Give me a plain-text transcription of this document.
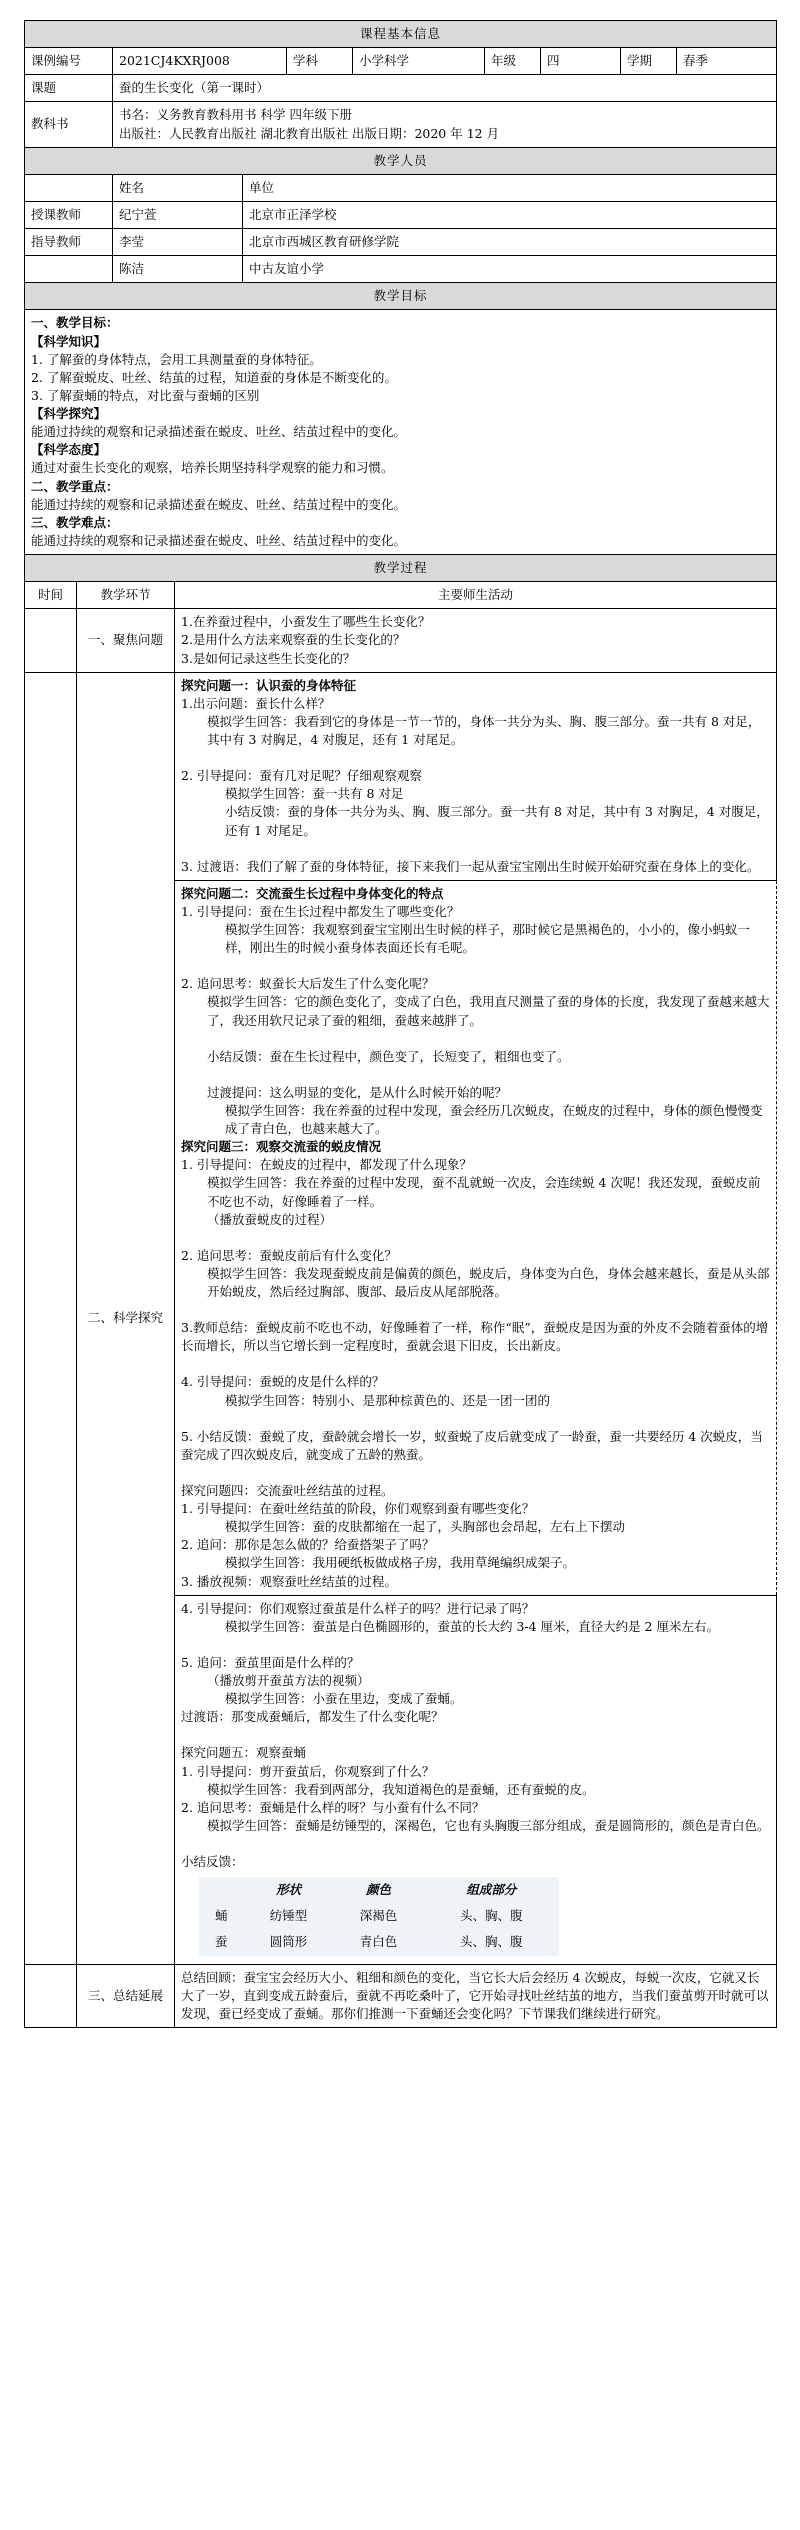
课程基本信息
课例编号	2021CJ4KXRJ008	学科	小学科学	年级	四	学期	春季
课题	蚕的生长变化（第一课时）
教科书	

书名：义务教育教科用书 科学 四年级下册

出版社：人民教育出版社 湖北教育出版社 出版日期：2020 年 12 月

教学人员
	姓名	单位
授课教师	纪宁萱	北京市正泽学校
指导教师	李莹	北京市西城区教育研修学院
	陈洁	中古友谊小学
教学目标

一、教学目标：

【科学知识】

1. 了解蚕的身体特点，会用工具测量蚕的身体特征。

2. 了解蚕蜕皮、吐丝、结茧的过程，知道蚕的身体是不断变化的。

3. 了解蚕蛹的特点，对比蚕与蚕蛹的区别

【科学探究】

能通过持续的观察和记录描述蚕在蜕皮、吐丝、结茧过程中的变化。

【科学态度】

通过对蚕生长变化的观察，培养长期坚持科学观察的能力和习惯。

二、教学重点：

能通过持续的观察和记录描述蚕在蜕皮、吐丝、结茧过程中的变化。

三、教学难点：

能通过持续的观察和记录描述蚕在蜕皮、吐丝、结茧过程中的变化。

教学过程
时间	教学环节	主要师生活动
	一、聚焦问题	

1.在养蚕过程中，小蚕发生了哪些生长变化？

2.是用什么方法来观察蚕的生长变化的？

3.是如何记录这些生长变化的？

	二、科学探究	

探究问题一：认识蚕的身体特征

1.出示问题：蚕长什么样？

模拟学生回答：我看到它的身体是一节一节的，身体一共分为头、胸、腹三部分。蚕一共有 8 对足，其中有 3 对胸足，4 对腹足，还有 1 对尾足。

2. 引导提问：蚕有几对足呢？仔细观察观察

模拟学生回答：蚕一共有 8 对足

小结反馈：蚕的身体一共分为头、胸、腹三部分。蚕一共有 8 对足，其中有 3 对胸足，4 对腹足，还有 1 对尾足。

3. 过渡语：我们了解了蚕的身体特征，接下来我们一起从蚕宝宝刚出生时候开始研究蚕在身体上的变化。

探究问题二：交流蚕生长过程中身体变化的特点

1. 引导提问：蚕在生长过程中都发生了哪些变化？

模拟学生回答：我观察到蚕宝宝刚出生时候的样子，那时候它是黑褐色的，小小的，像小蚂蚁一样，刚出生的时候小蚕身体表面还长有毛呢。

2. 追问思考：蚁蚕长大后发生了什么变化呢？

模拟学生回答：它的颜色变化了，变成了白色，我用直尺测量了蚕的身体的长度，我发现了蚕越来越大了，我还用软尺记录了蚕的粗细，蚕越来越胖了。

小结反馈：蚕在生长过程中，颜色变了，长短变了，粗细也变了。

过渡提问：这么明显的变化，是从什么时候开始的呢？

模拟学生回答：我在养蚕的过程中发现，蚕会经历几次蜕皮，在蜕皮的过程中，身体的颜色慢慢变成了青白色，也越来越大了。

探究问题三：观察交流蚕的蜕皮情况

1. 引导提问：在蜕皮的过程中，都发现了什么现象？

模拟学生回答：我在养蚕的过程中发现，蚕不乱就蜕一次皮，会连续蜕 4 次呢！我还发现，蚕蜕皮前不吃也不动，好像睡着了一样。

（播放蚕蜕皮的过程）

2. 追问思考：蚕蜕皮前后有什么变化？

模拟学生回答：我发现蚕蜕皮前是偏黄的颜色，蜕皮后，身体变为白色，身体会越来越长，蚕是从头部开始蜕皮，然后经过胸部、腹部、最后皮从尾部脱落。

3.教师总结：蚕蜕皮前不吃也不动，好像睡着了一样，称作“眠”，蚕蜕皮是因为蚕的外皮不会随着蚕体的增长而增长，所以当它增长到一定程度时，蚕就会退下旧皮，长出新皮。

4. 引导提问：蚕蜕的皮是什么样的？

模拟学生回答：特别小、是那种棕黄色的、还是一团一团的

5. 小结反馈：蚕蜕了皮，蚕龄就会增长一岁，蚁蚕蜕了皮后就变成了一龄蚕，蚕一共要经历 4 次蜕皮，当蚕完成了四次蜕皮后，就变成了五龄的熟蚕。

探究问题四：交流蚕吐丝结茧的过程。

1. 引导提问：在蚕吐丝结茧的阶段，你们观察到蚕有哪些变化？

模拟学生回答：蚕的皮肤都缩在一起了，头胸部也会昂起，左右上下摆动

2. 追问：那你是怎么做的？给蚕搭架子了吗？

模拟学生回答：我用硬纸板做成格子房，我用草绳编织成架子。

3. 播放视频：观察蚕吐丝结茧的过程。

4. 引导提问：你们观察过蚕茧是什么样子的吗？进行记录了吗？

模拟学生回答：蚕茧是白色椭圆形的，蚕茧的长大约 3-4 厘米，直径大约是 2 厘米左右。

5. 追问：蚕茧里面是什么样的？

（播放剪开蚕茧方法的视频）

模拟学生回答：小蚕在里边，变成了蚕蛹。

过渡语：那变成蚕蛹后，都发生了什么变化呢？

探究问题五：观察蚕蛹

1. 引导提问：剪开蚕茧后，你观察到了什么？

模拟学生回答：我看到两部分，我知道褐色的是蚕蛹，还有蚕蜕的皮。

2. 追问思考：蚕蛹是什么样的呀？与小蚕有什么不同？

模拟学生回答：蚕蛹是纺锤型的，深褐色，它也有头胸腹三部分组成，蚕是圆筒形的，颜色是青白色。

小结反馈：

	形状	颜色	组成部分
蛹	纺锤型	深褐色	头、胸、腹
蚕	圆筒形	青白色	头、胸、腹

	三、总结延展	总结回顾：蚕宝宝会经历大小、粗细和颜色的变化，当它长大后会经历 4 次蜕皮，每蜕一次皮，它就又长大了一岁，直到变成五龄蚕后，蚕就不再吃桑叶了，它开始寻找吐丝结茧的地方，当我们蚕茧剪开时就可以发现，蚕已经变成了蚕蛹。那你们推测一下蚕蛹还会变化吗？下节课我们继续进行研究。
